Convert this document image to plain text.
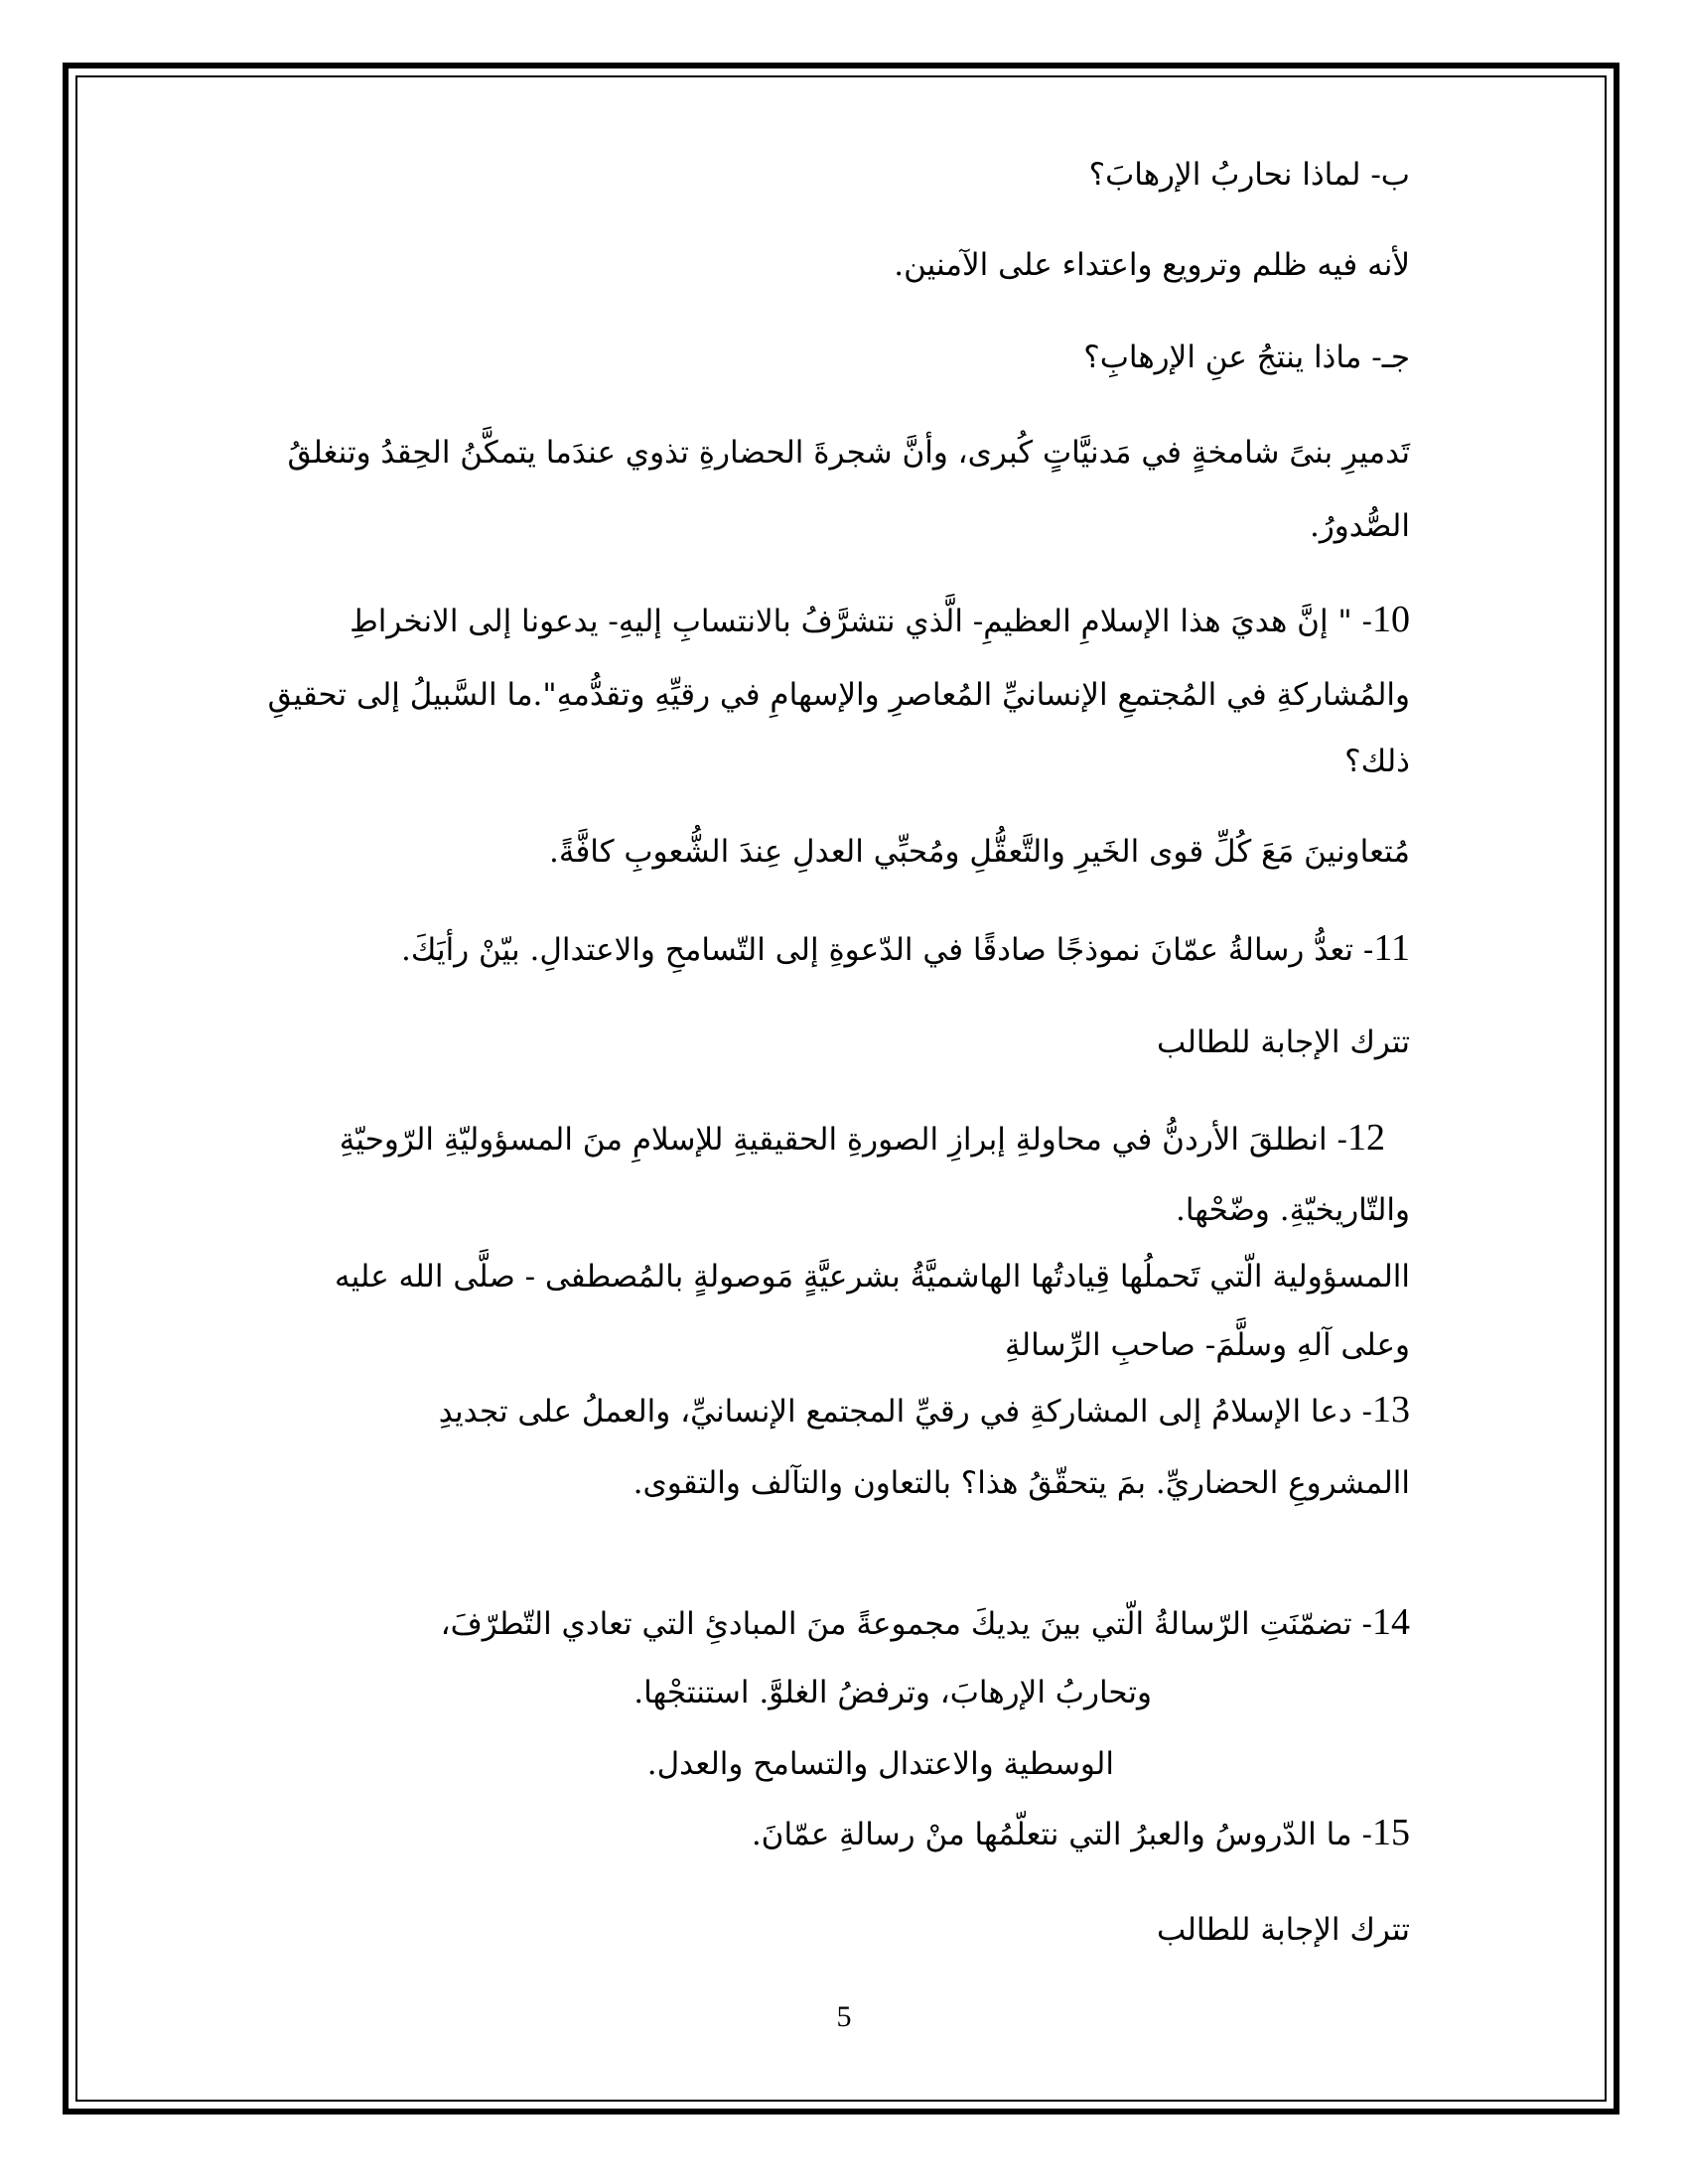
ب- لماذا نحاربُ الإرهابَ؟
لأنه فيه ظلم وترويع واعتداء على الآمنين.
جـ- ماذا ينتجُ عنِ الإرهابِ؟
تَدميرِ بنىً شامخةٍ في مَدنيَّاتٍ كُبرى، وأنَّ شجرةَ الحضارةِ تذوي عندَما يتمكَّنُ الحِقدُ وتنغلقُ
الصُّدورُ.
10- " إنَّ هديَ هذا الإسلامِ العظيمِ- الَّذي نتشرَّفُ بالانتسابِ إليهِ- يدعونا إلى الانخراطِ
والمُشاركةِ في المُجتمعِ الإنسانيِّ المُعاصرِ والإسهامِ في رقيِّهِ وتقدُّمهِ".ما السَّبيلُ إلى تحقيقِ
ذلك؟
مُتعاونينَ مَعَ كُلِّ قوى الخَيرِ والتَّعقُّلِ ومُحبِّي العدلِ عِندَ الشُّعوبِ كافَّةً.
11- تعدُّ رسالةُ عمّانَ نموذجًا صادقًا في الدّعوةِ إلى التّسامحِ والاعتدالِ. بيّنْ رأيَكَ.
تترك الإجابة للطالب
12- انطلقَ الأردنُّ في محاولةِ إبرازِ الصورةِ الحقيقيةِ للإسلامِ منَ المسؤوليّةِ الرّوحيّةِ
والتّاريخيّةِ. وضّحْها.
االمسؤولية الّتي تَحملُها قِيادتُها الهاشميَّةُ بشرعيَّةٍ مَوصولةٍ بالمُصطفى - صلَّى الله عليه
وعلى آلهِ وسلَّمَ- صاحبِ الرِّسالةِ
13- دعا الإسلامُ إلى المشاركةِ في رقيِّ المجتمع الإنسانيِّ، والعملُ على تجديدِ
االمشروعِ الحضاريِّ. بمَ يتحقّقُ هذا؟ بالتعاون والتآلف والتقوى.
14- تضمّنَتِ الرّسالةُ الّتي بينَ يديكَ مجموعةً منَ المبادئِ التي تعادي التّطرّفَ،
وتحاربُ الإرهابَ، وترفضُ الغلوَّ. استنتجْها.
الوسطية والاعتدال والتسامح والعدل.
15- ما الدّروسُ والعبرُ التي نتعلّمُها منْ رسالةِ عمّانَ.
تترك الإجابة للطالب
5
